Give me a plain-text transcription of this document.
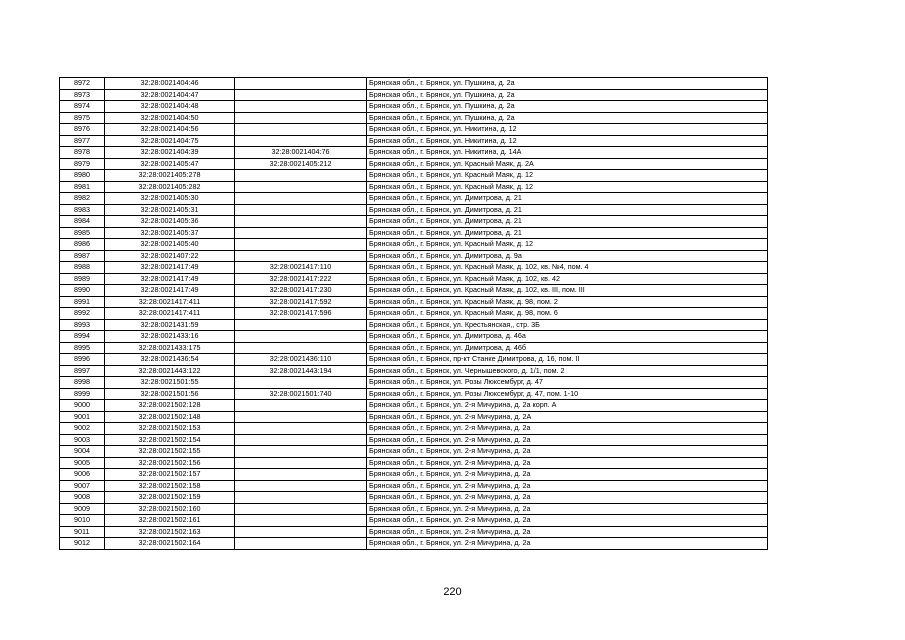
8972	32:28:0021404:46		Брянская обл., г. Брянск, ул. Пушкина, д. 2а
8973	32:28:0021404:47		Брянская обл., г. Брянск, ул. Пушкина, д. 2а
8974	32:28:0021404:48		Брянская обл., г. Брянск, ул. Пушкина, д. 2а
8975	32:28:0021404:50		Брянская обл., г. Брянск, ул. Пушкина, д. 2а
8976	32:28:0021404:56		Брянская обл., г. Брянск, ул. Никитина, д. 12
8977	32:28:0021404:75		Брянская обл., г. Брянск, ул. Никитина, д. 12
8978	32:28:0021404:39	32:28:0021404:76	Брянская обл., г. Брянск, ул. Никитина, д. 14А
8979	32:28:0021405:47	32:28:0021405:212	Брянская обл., г. Брянск, ул. Красный Маяк, д. 2А
8980	32:28:0021405:278		Брянская обл., г. Брянск, ул. Красный Маяк, д. 12
8981	32:28:0021405:282		Брянская обл., г. Брянск, ул. Красный Маяк, д. 12
8982	32:28:0021405:30		Брянская обл., г. Брянск, ул. Димитрова, д. 21
8983	32:28:0021405:31		Брянская обл., г. Брянск, ул. Димитрова, д. 21
8984	32:28:0021405:36		Брянская обл., г. Брянск, ул. Димитрова, д. 21
8985	32:28:0021405:37		Брянская обл., г. Брянск, ул. Димитрова, д. 21
8986	32:28:0021405:40		Брянская обл., г. Брянск, ул. Красный Маяк, д. 12
8987	32:28:0021407:22		Брянская обл., г. Брянск, ул. Димитрова, д. 9а
8988	32:28:0021417:49	32:28:0021417:110	Брянская обл., г. Брянск, ул. Красный Маяк, д. 102, кв. №4, пом. 4
8989	32:28:0021417:49	32:28:0021417:222	Брянская обл., г. Брянск, ул. Красный Маяк, д. 102, кв. 42
8990	32:28:0021417:49	32:28:0021417:230	Брянская обл., г. Брянск, ул. Красный Маяк, д. 102, кв. III, пом. III
8991	32:28:0021417:411	32:28:0021417:592	Брянская обл., г. Брянск, ул. Красный Маяк, д. 98, пом. 2
8992	32:28:0021417:411	32:28:0021417:596	Брянская обл., г. Брянск, ул. Красный Маяк, д. 98, пом. 6
8993	32:28:0021431:59		Брянская обл., г. Брянск, ул. Крестьянская,, стр. 3Б
8994	32:28:0021433:16		Брянская обл., г. Брянск, ул. Димитрова, д. 46а
8995	32:28:0021433:175		Брянская обл., г. Брянск, ул. Димитрова, д. 46б
8996	32:28:0021436:54	32:28:0021436:110	Брянская обл., г. Брянск, пр-кт Станке Димитрова, д. 16, пом. II
8997	32:28:0021443:122	32:28:0021443:194	Брянская обл., г. Брянск, ул. Чернышевского, д. 1/1, пом. 2
8998	32:28:0021501:55		Брянская обл., г. Брянск, ул. Розы Люксембург, д. 47
8999	32:28:0021501:56	32:28:0021501:740	Брянская обл., г. Брянск, ул. Розы Люксембург, д. 47, пом. 1-10
9000	32:28:0021502:128		Брянская обл., г. Брянск, ул. 2-я Мичурина, д. 2а корп. А
9001	32:28:0021502:148		Брянская обл., г. Брянск, ул. 2-я Мичурина, д. 2А
9002	32:28:0021502:153		Брянская обл., г. Брянск, ул. 2-я Мичурина, д. 2а
9003	32:28:0021502:154		Брянская обл., г. Брянск, ул. 2-я Мичурина, д. 2а
9004	32:28:0021502:155		Брянская обл., г. Брянск, ул. 2-я Мичурина, д. 2а
9005	32:28:0021502:156		Брянская обл., г. Брянск, ул. 2-я Мичурина, д. 2а
9006	32:28:0021502:157		Брянская обл., г. Брянск, ул. 2-я Мичурина, д. 2а
9007	32:28:0021502:158		Брянская обл., г. Брянск, ул. 2-я Мичурина, д. 2а
9008	32:28:0021502:159		Брянская обл., г. Брянск, ул. 2-я Мичурина, д. 2а
9009	32:28:0021502:160		Брянская обл., г. Брянск, ул. 2-я Мичурина, д. 2а
9010	32:28:0021502:161		Брянская обл., г. Брянск, ул. 2-я Мичурина, д. 2а
9011	32:28:0021502:163		Брянская обл., г. Брянск, ул. 2-я Мичурина, д. 2а
9012	32:28:0021502:164		Брянская обл., г. Брянск, ул. 2-я Мичурина, д. 2а
220
